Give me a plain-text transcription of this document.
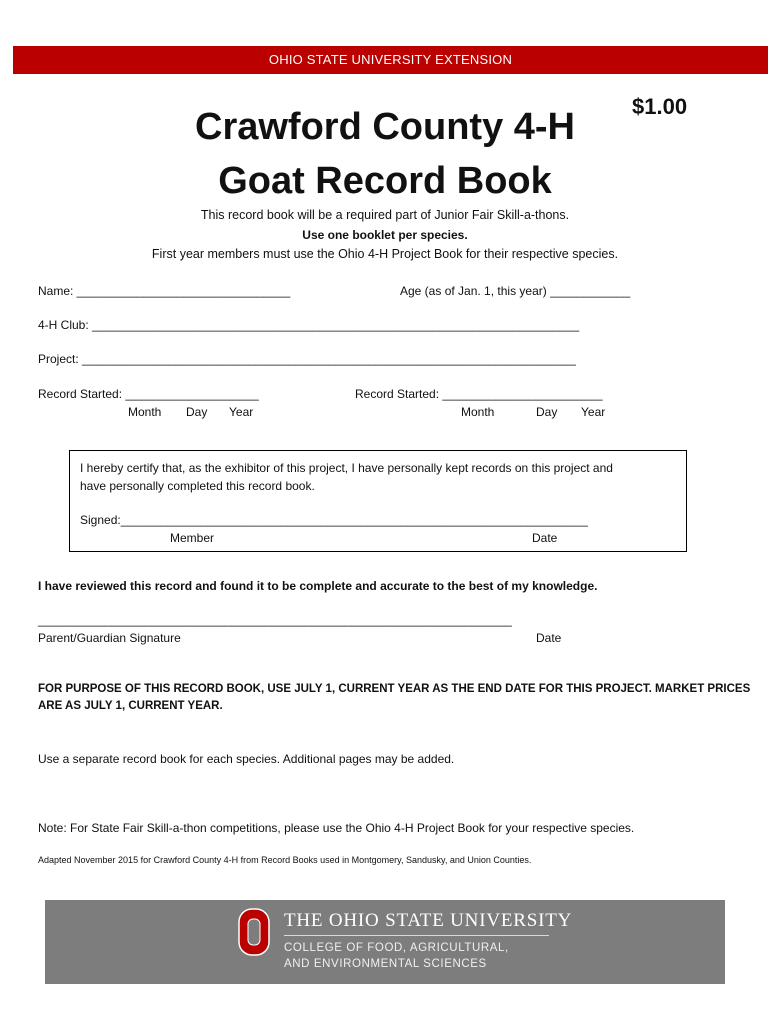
OHIO STATE UNIVERSITY EXTENSION
Crawford County 4-H
Goat Record Book
$1.00
This record book will be a required part of Junior Fair Skill-a-thons.
Use one booklet per species.
First year members must use the Ohio 4-H Project Book for their respective species.
Name: ________________________________	Age (as of Jan. 1, this year) ____________
4-H Club: _________________________________________________________________________
Project: __________________________________________________________________________
Record Started: ____________________	Record Started: ________________________
Month Day Year	Month	Day Year
I hereby certify that, as the exhibitor of this project, I have personally kept records on this project and
have personally completed this record book.
Signed:______________________________________________________________________
Member	Date
I have reviewed this record and found it to be complete and accurate to the best of my knowledge.
_______________________________________________________________________
Parent/Guardian Signature	Date
FOR PURPOSE OF THIS RECORD BOOK, USE JULY 1, CURRENT YEAR AS THE END DATE FOR THIS PROJECT. MARKET PRICES
ARE AS JULY 1, CURRENT YEAR.
Use a separate record book for each species. Additional pages may be added.
Note: For State Fair Skill-a-thon competitions, please use the Ohio 4-H Project Book for your respective species.
Adapted November 2015 for Crawford County 4-H from Record Books used in Montgomery, Sandusky, and Union Counties.
THE OHIO STATE UNIVERSITY
COLLEGE OF FOOD, AGRICULTURAL,
AND ENVIRONMENTAL SCIENCES
